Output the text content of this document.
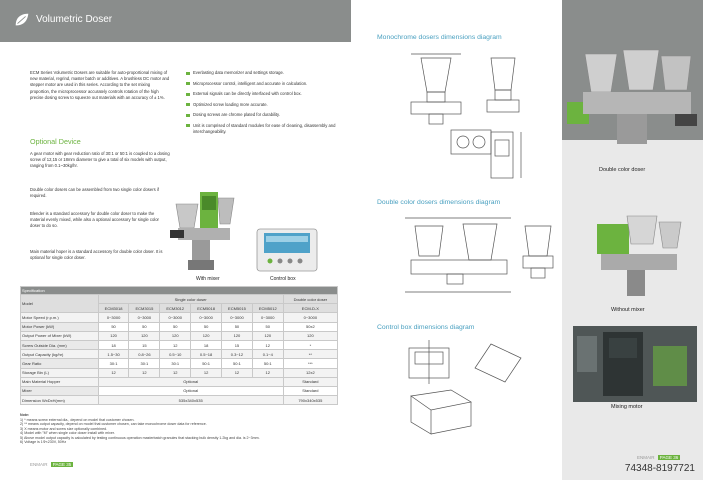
Volumetric Doser
ECM Series Volumetric Dosers are suitable for auto-proportional mixing of new material, regrind, master batch or additives. A brushless DC motor and stepper motor are used in this series. According to the set mixing proportion, the microprocessor accurately controls rotation of the high precise dosing screw to squeeze out materials with an accuracy of ± 1%.
Optional Device
A gear motor with gear reduction ratio of 30:1 or 50:1 is coupled to a dosing screw of 12,15 or 18mm diameter to give a total of six models with output, ranging from 0.1~30kg/hr.
Double color dosers can be assembled from two single color dosers if required.
Blender is a standard accessory for double color doser to make the material evenly mixed, while also a optional accessory for single color doser to do so.
Main material hoper is a standard accessory for double color doser. It is optional for single color doser.
Everlasting data memorizer and settings storage.
Microprocessor control, intelligent and accurate in calculation.
External signals can be directly interfaced with control box.
Optimized screw loading more accurate.
Dosing screws are chrome plated for durability.
Unit is comprised of standard modules for ease of cleaning, disassembly and interchangeability.
With mixer	Control box
Specification							
Model	Single color doser						Double color doser
	ECM3018	ECM3015	ECM3012	ECM5018	ECM5015	ECM5012	ECM-D-X
Motor Speed (r.p.m.)	0~3000	0~3000	0~3000	0~3000	0~3000	0~3000	0~3000
Motor Power (kW)	50	50	50	50	50	50	50x2
Output Power of Mixer (kW)	120	120	120	120	120	120	120
Screw Outside Dia. (mm)	18	15	12	18	15	12	*
Output Capacity (kg/hr)	1.5~30	0.8~26	0.5~10	0.5~18	0.3~12	0.1~4	**
Gear Ratio	30:1	30:1	30:1	50:1	50:1	50:1	***
Storage Bin (L)	12	12	12	12	12	12	12x2
Main Material Hopper	Optional						Standard
Mixer	Optional						Standard
Dimension WxDxH(mm)	535x340x535						790x340x535
Note:
1) * means screw external dia., depend on model that customer chosen.
2) ** means output capacity, depend on model that customer chosen, can take monochrome doser data for reference.
3) X means motor and screw size optionally combined.
4) Model with "M" when single color doser install with mixer.
5) Above model output capacity is calculated by testing continuous operation masterbatch granules that stacking bulk density 1.2kg and dia. is 2~3mm.
6) Voltage is 1Φ×230V, 50Hz
ENMAIR PAGE 35
Monochrome dosers dimensions diagram
Double color dosers dimensions diagram
Control box dimensions diagram
Double color doser
Without mixer
Mixing motor
ENMAIR PAGE 36
74348-8197721
